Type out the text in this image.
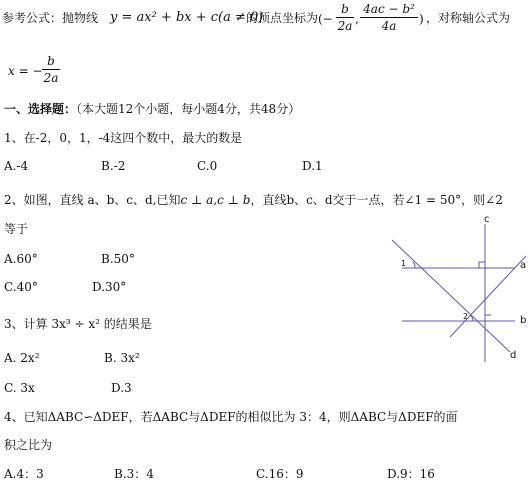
参考公式：抛物线 y = ax² + bx + c(a ≠ 0)
的顶点坐标为 (−
b
2a ,
4ac − b²
4a	) ，对称轴公式为
x = −
b
2a
一、选择题：（本大题12个小题，每小题4分，共48分）
1、在-2，0，1，-4这四个数中，最大的数是
A.-4	B.-2	C.0	D.1
2、如图，直线 a、b、c、d,已知c ⊥ a,c ⊥ b，直线b、c、d交于一点，若∠1 = 50°，则∠2
等于
A.60°	B.50°
C.40°	D.30°
c
a
b
d
1
2
3、计算 3x³ ÷ x² 的结果是
A. 2x²	B. 3x²
C. 3x	D.3
4、已知ΔABC∽ΔDEF，若ΔABC与ΔDEF的相似比为 3：4，则ΔABC与ΔDEF的面
积之比为
A.4：3	B.3：4	C.16：9	D.9：16
